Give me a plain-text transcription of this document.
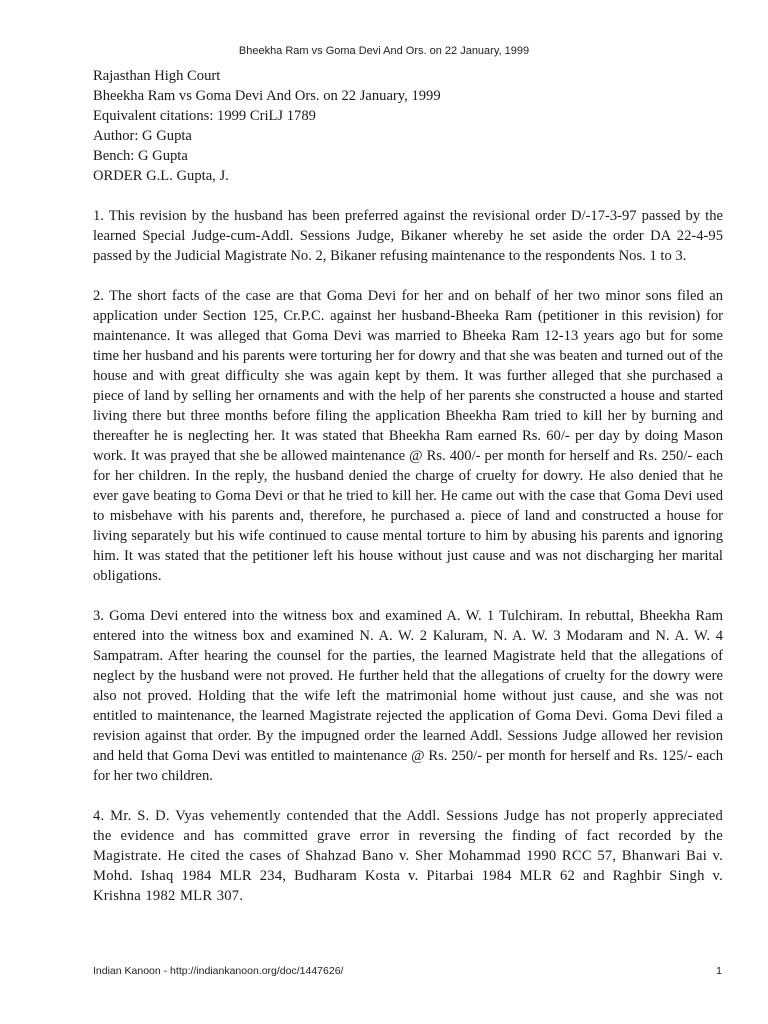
Bheekha Ram vs Goma Devi And Ors. on 22 January, 1999

Rajasthan High Court

Bheekha Ram vs Goma Devi And Ors. on 22 January, 1999

Equivalent citations: 1999 CriLJ 1789

Author: G Gupta

Bench: G Gupta

ORDER G.L. Gupta, J.

1. This revision by the husband has been preferred against the revisional order D/-17-3-97 passed by the learned Special Judge-cum-Addl. Sessions Judge, Bikaner whereby he set aside the order DA 22-4-95 passed by the Judicial Magistrate No. 2, Bikaner refusing maintenance to the respondents Nos. 1 to 3.

2. The short facts of the case are that Goma Devi for her and on behalf of her two minor sons filed an application under Section 125, Cr.P.C. against her husband-Bheeka Ram (petitioner in this revision) for maintenance. It was alleged that Goma Devi was married to Bheeka Ram 12-13 years ago but for some time her husband and his parents were torturing her for dowry and that she was beaten and turned out of the house and with great difficulty she was again kept by them. It was further alleged that she purchased a piece of land by selling her ornaments and with the help of her parents she constructed a house and started living there but three months before filing the application Bheekha Ram tried to kill her by burning and thereafter he is neglecting her. It was stated that Bheekha Ram earned Rs. 60/- per day by doing Mason work. It was prayed that she be allowed maintenance @ Rs. 400/- per month for herself and Rs. 250/- each for her children. In the reply, the husband denied the charge of cruelty for dowry. He also denied that he ever gave beating to Goma Devi or that he tried to kill her. He came out with the case that Goma Devi used to misbehave with his parents and, therefore, he purchased a. piece of land and constructed a house for living separately but his wife continued to cause mental torture to him by abusing his parents and ignoring him. It was stated that the petitioner left his house without just cause and was not discharging her marital obligations.

3. Goma Devi entered into the witness box and examined A. W. 1 Tulchiram. In rebuttal, Bheekha Ram entered into the witness box and examined N. A. W. 2 Kaluram, N. A. W. 3 Modaram and N. A. W. 4 Sampatram. After hearing the counsel for the parties, the learned Magistrate held that the allegations of neglect by the husband were not proved. He further held that the allegations of cruelty for the dowry were also not proved. Holding that the wife left the matrimonial home without just cause, and she was not entitled to maintenance, the learned Magistrate rejected the application of Goma Devi. Goma Devi filed a revision against that order. By the impugned order the learned Addl. Sessions Judge allowed her revision and held that Goma Devi was entitled to maintenance @ Rs. 250/- per month for herself and Rs. 125/- each for her two children.

4. Mr. S. D. Vyas vehemently contended that the Addl. Sessions Judge has not properly appreciated the evidence and has committed grave error in reversing the finding of fact recorded by the Magistrate. He cited the cases of Shahzad Bano v. Sher Mohammad 1990 RCC 57, Bhanwari Bai v. Mohd. Ishaq 1984 MLR 234, Budharam Kosta v. Pitarbai 1984 MLR 62 and Raghbir Singh v. Krishna 1982 MLR 307.

Indian Kanoon - http://indiankanoon.org/doc/1447626/	1
